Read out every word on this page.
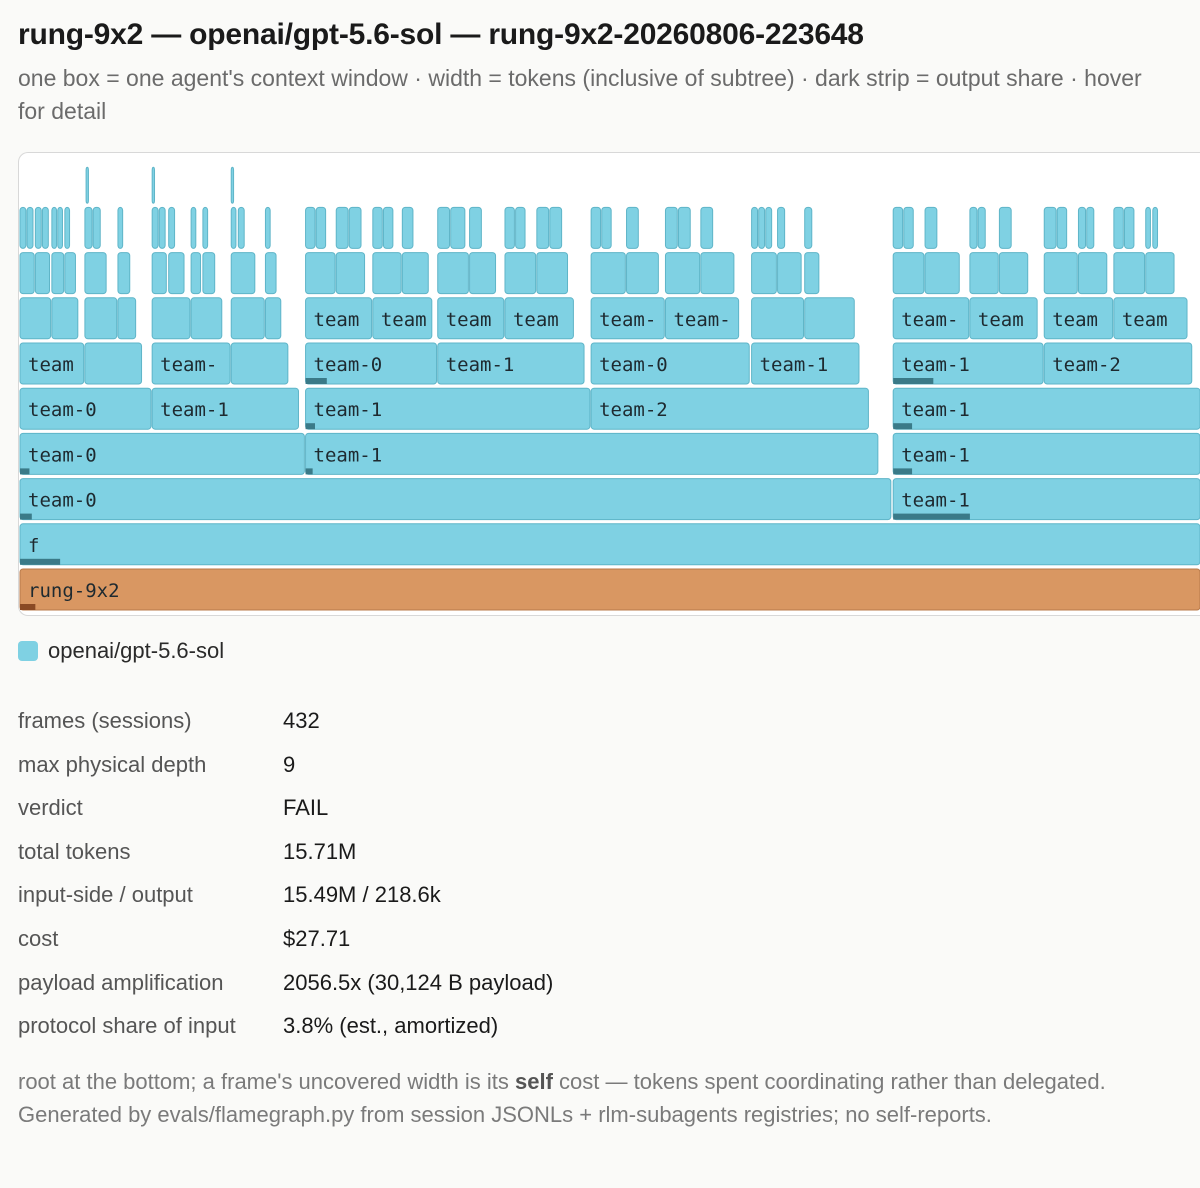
rung-9x2 — openai/gpt-5.6-sol — rung-9x2-20260806-223648
one box = one agent's context window · width = tokens (inclusive of subtree) · dark strip = output share · hover for detail
rung-9x2
f
team-0	team-1
team-0	team-1	team-1
team-0	team-1	team-1	team-2	team-1
team	team-	team-0	team-1	team-0	team-1	team-1	team-2
team team team team team- team-	team- team team team
openai/gpt-5.6-sol
frames (sessions)	432
max physical depth	9
verdict	FAIL
total tokens	15.71M
input-side / output	15.49M / 218.6k
cost	$27.71
payload amplification	2056.5x (30,124 B payload)
protocol share of input 3.8% (est., amortized)
root at the bottom; a frame's uncovered width is its self cost — tokens spent coordinating rather than delegated. Generated by evals/flamegraph.py from session JSONLs + rlm-subagents registries; no self-reports.
